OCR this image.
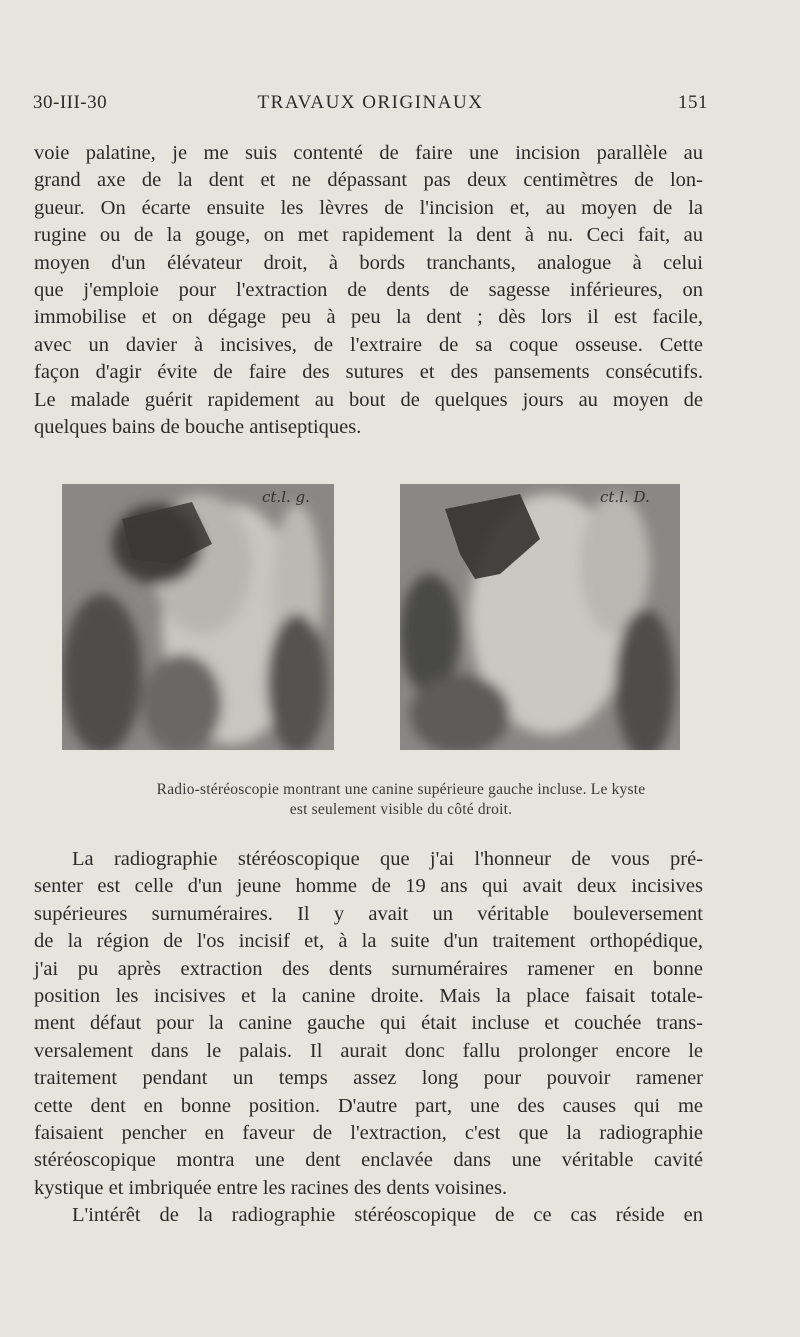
30-III-30	TRAVAUX ORIGINAUX	151
voie palatine, je me suis contenté de faire une incision parallèle au
grand axe de la dent et ne dépassant pas deux centimètres de lon-
gueur. On écarte ensuite les lèvres de l'incision et, au moyen de la
rugine ou de la gouge, on met rapidement la dent à nu. Ceci fait, au
moyen d'un élévateur droit, à bords tranchants, analogue à celui
que j'emploie pour l'extraction de dents de sagesse inférieures, on
immobilise et on dégage peu à peu la dent ; dès lors il est facile,
avec un davier à incisives, de l'extraire de sa coque osseuse. Cette
façon d'agir évite de faire des sutures et des pansements consécutifs.
Le malade guérit rapidement au bout de quelques jours au moyen de
quelques bains de bouche antiseptiques.
ct.l. g.	ct.l. D.
Radio-stéréoscopie montrant une canine supérieure gauche incluse. Le kyste
est seulement visible du côté droit.
La radiographie stéréoscopique que j'ai l'honneur de vous pré-
senter est celle d'un jeune homme de 19 ans qui avait deux incisives
supérieures surnuméraires. Il y avait un véritable bouleversement
de la région de l'os incisif et, à la suite d'un traitement orthopédique,
j'ai pu après extraction des dents surnuméraires ramener en bonne
position les incisives et la canine droite. Mais la place faisait totale-
ment défaut pour la canine gauche qui était incluse et couchée trans-
versalement dans le palais. Il aurait donc fallu prolonger encore le
traitement pendant un temps assez long pour pouvoir ramener
cette dent en bonne position. D'autre part, une des causes qui me
faisaient pencher en faveur de l'extraction, c'est que la radiographie
stéréoscopique montra une dent enclavée dans une véritable cavité
kystique et imbriquée entre les racines des dents voisines.
L'intérêt de la radiographie stéréoscopique de ce cas réside en
